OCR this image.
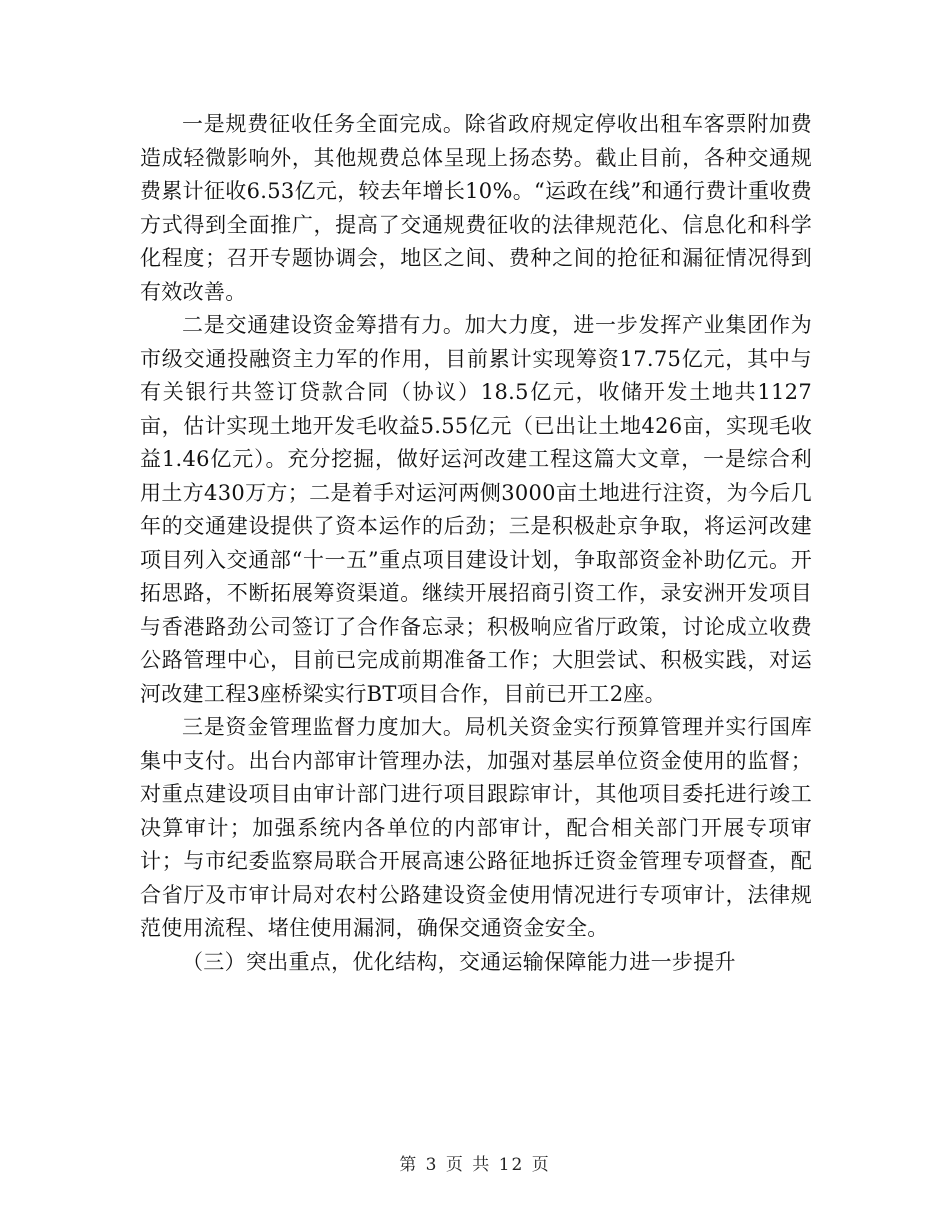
一是规费征收任务全面完成。除省政府规定停收出租车客票附加费造成轻微影响外，其他规费总体呈现上扬态势。截止目前，各种交通规费累计征收6.53亿元，较去年增长10%。“运政在线”和通行费计重收费方式得到全面推广，提高了交通规费征收的法律规范化、信息化和科学化程度；召开专题协调会，地区之间、费种之间的抢征和漏征情况得到有效改善。

二是交通建设资金筹措有力。加大力度，进一步发挥产业集团作为市级交通投融资主力军的作用，目前累计实现筹资17.75亿元，其中与有关银行共签订贷款合同（协议）18.5亿元，收储开发土地共1127亩，估计实现土地开发毛收益5.55亿元（已出让土地426亩，实现毛收益1.46亿元）。充分挖掘，做好运河改建工程这篇大文章，一是综合利用土方430万方；二是着手对运河两侧3000亩土地进行注资，为今后几年的交通建设提供了资本运作的后劲；三是积极赴京争取，将运河改建项目列入交通部“十一五”重点项目建设计划，争取部资金补助亿元。开拓思路，不断拓展筹资渠道。继续开展招商引资工作，录安洲开发项目与香港路劲公司签订了合作备忘录；积极响应省厅政策，讨论成立收费公路管理中心，目前已完成前期准备工作；大胆尝试、积极实践，对运河改建工程3座桥梁实行BT项目合作，目前已开工2座。

三是资金管理监督力度加大。局机关资金实行预算管理并实行国库集中支付。出台内部审计管理办法，加强对基层单位资金使用的监督；对重点建设项目由审计部门进行项目跟踪审计，其他项目委托进行竣工决算审计；加强系统内各单位的内部审计，配合相关部门开展专项审计；与市纪委监察局联合开展高速公路征地拆迁资金管理专项督查，配合省厅及市审计局对农村公路建设资金使用情况进行专项审计，法律规范使用流程、堵住使用漏洞，确保交通资金安全。

（三）突出重点，优化结构，交通运输保障能力进一步提升

第 3 页 共 12 页
